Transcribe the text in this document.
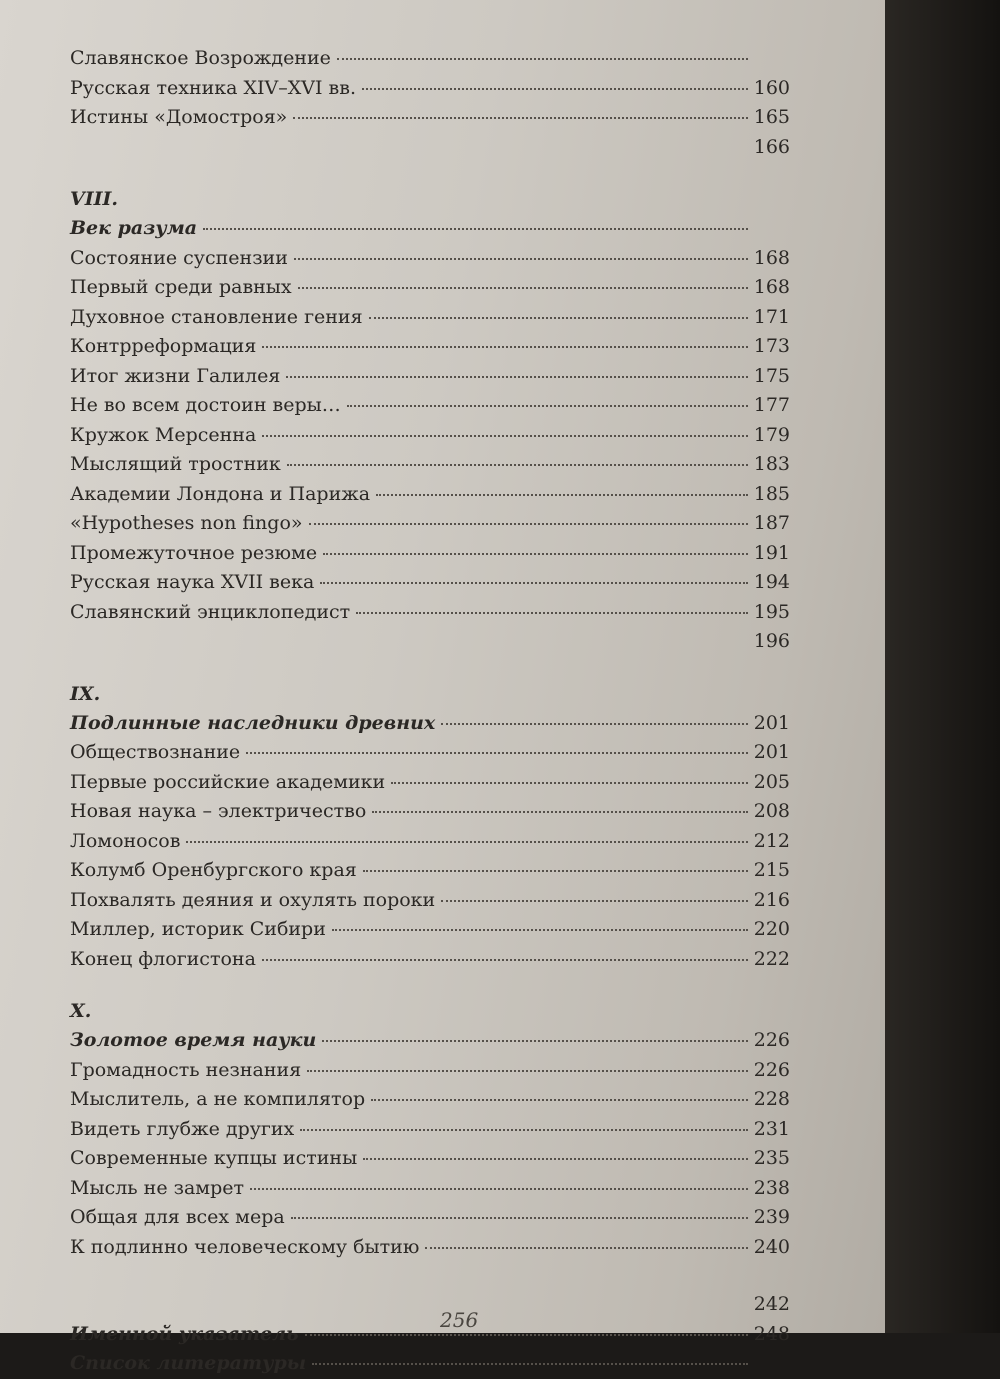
Славянское Возрождение
Русская техника XIV–XVI вв.	160
Истины «Домостроя»	165
166
VIII.
Век разума
Состояние суспензии	168
Первый среди равных	168
Духовное становление гения	171
Контрреформация	173
Итог жизни Галилея	175
Не во всем достоин веры…	177
Кружок Мерсенна	179
Мыслящий тростник	183
Академии Лондона и Парижа	185
«Hypotheses non fingo»	187
Промежуточное резюме	191
Русская наука XVII века	194
Славянский энциклопедист	195
196
IX.
Подлинные наследники древних	201
Обществознание	201
Первые российские академики	205
Новая наука – электричество	208
Ломоносов	212
Колумб Оренбургского края	215
Похвалять деяния и охулять пороки	216
Миллер, историк Сибири	220
Конец флогистона	222
X.
Золотое время науки	226
Громадность незнания	226
Мыслитель, а не компилятор	228
Видеть глубже других	231
Современные купцы истины	235
Мысль не замрет	238
Общая для всех мера	239
К подлинно человеческому бытию	240
242
Именной указатель	248
Список литературы
256
